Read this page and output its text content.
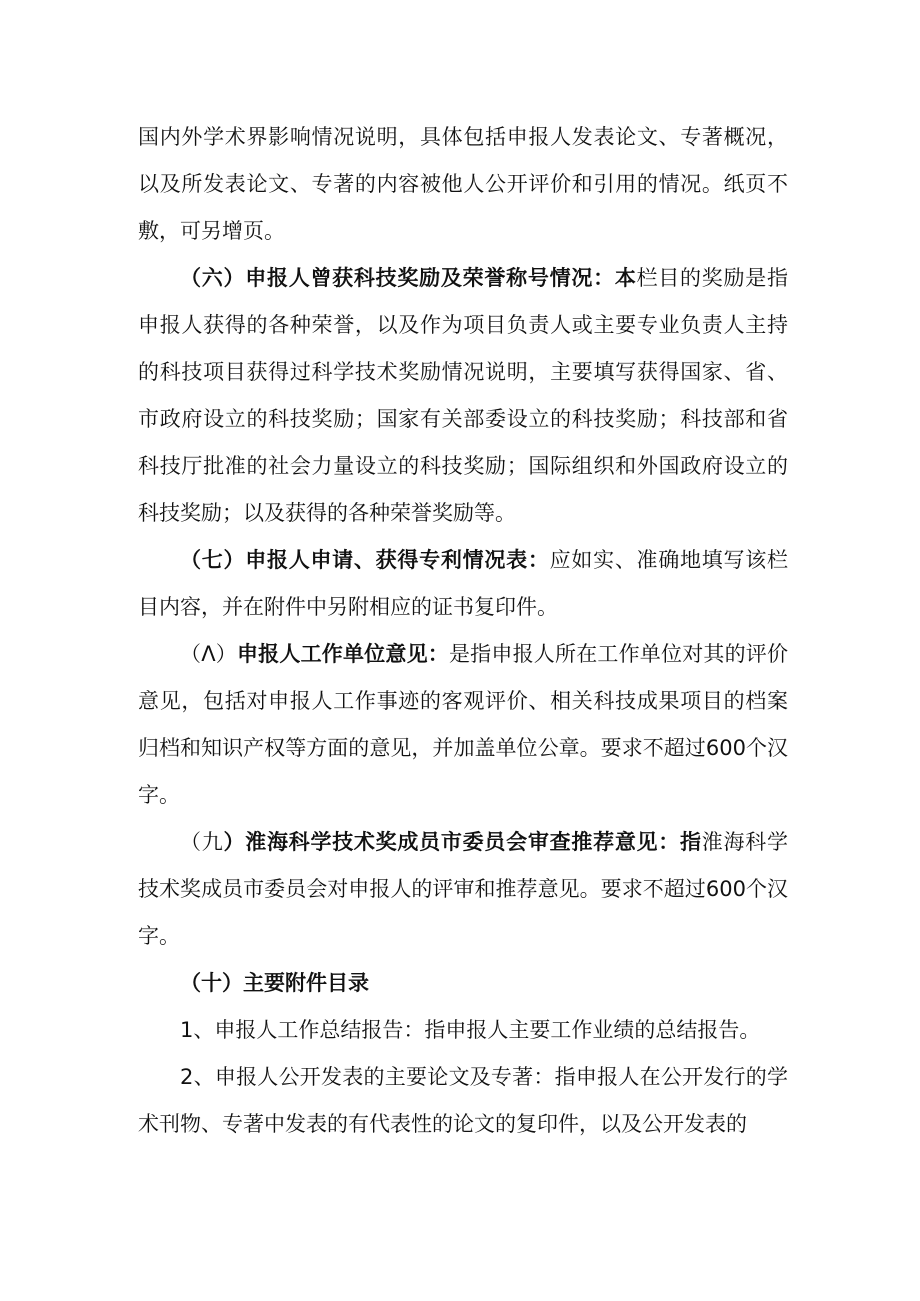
国内外学术界影响情况说明，具体包括申报人发表论文、专著概况，以及所发表论文、专著的内容被他人公开评价和引用的情况。纸页不敷，可另增页。

（六）申报人曾获科技奖励及荣誉称号情况：本栏目的奖励是指申报人获得的各种荣誉，以及作为项目负责人或主要专业负责人主持的科技项目获得过科学技术奖励情况说明，主要填写获得国家、省、市政府设立的科技奖励；国家有关部委设立的科技奖励；科技部和省科技厅批准的社会力量设立的科技奖励；国际组织和外国政府设立的科技奖励；以及获得的各种荣誉奖励等。

（七）申报人申请、获得专利情况表：应如实、准确地填写该栏目内容，并在附件中另附相应的证书复印件。

（Λ）申报人工作单位意见：是指申报人所在工作单位对其的评价意见，包括对申报人工作事迹的客观评价、相关科技成果项目的档案归档和知识产权等方面的意见，并加盖单位公章。要求不超过600个汉字。

（九）淮海科学技术奖成员市委员会审查推荐意见：指淮海科学技术奖成员市委员会对申报人的评审和推荐意见。要求不超过600个汉字。

（十）主要附件目录

1、申报人工作总结报告：指申报人主要工作业绩的总结报告。

2、申报人公开发表的主要论文及专著：指申报人在公开发行的学术刊物、专著中发表的有代表性的论文的复印件，以及公开发表的
